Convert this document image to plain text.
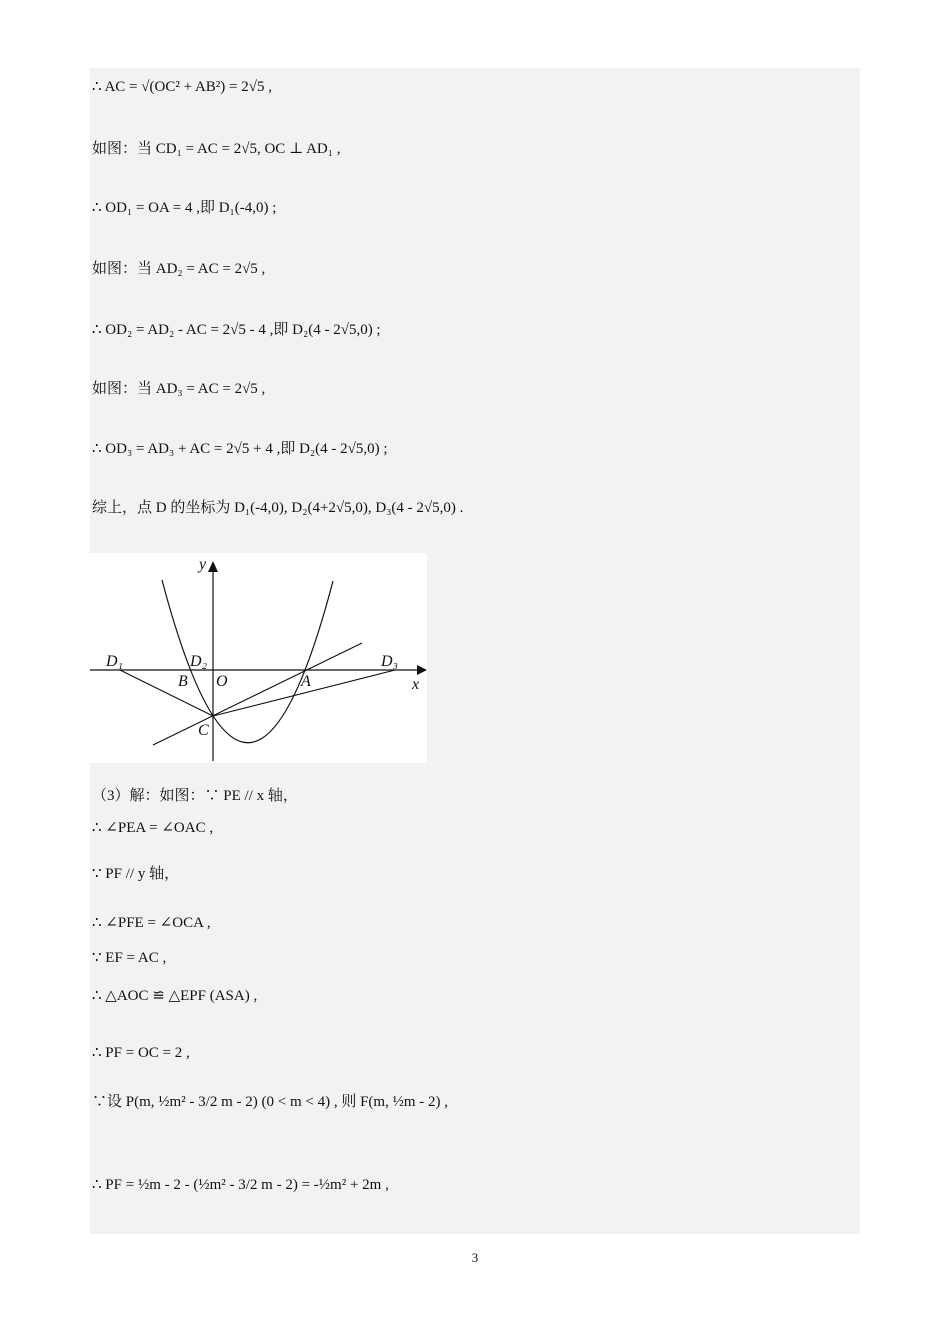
∴ AC = √(OC² + AB²) = 2√5 ,
如图：当 CD₁ = AC = 2√5, OC ⊥ AD₁ ,
∴ OD₁ = OA = 4 ,即 D₁(-4,0) ;
如图：当 AD₂ = AC = 2√5 ,
∴ OD₂ = AD₂ - AC = 2√5 - 4 ,即 D₂(4 - 2√5,0) ;
如图：当 AD₃ = AC = 2√5 ,
∴ OD₃ = AD₃ + AC = 2√5 + 4 ,即 D₂(4 - 2√5,0) ;
综上，点 D 的坐标为 D₁(-4,0), D₂(4+2√5,0), D₃(4 - 2√5,0) .
y
x
D₁	D₂	D₃
B O	A
C
（3）解：如图：∵ PE // x 轴，
∴ ∠PEA = ∠OAC ,
∵ PF // y 轴，
∴ ∠PFE = ∠OCA ,
∵ EF = AC ,
∴ △AOC ≌ △EPF (ASA) ,
∴ PF = OC = 2 ,
∵设 P(m, ½m² - 3/2 m - 2) (0 < m < 4) , 则 F(m, ½m - 2) ,
∴ PF = ½m - 2 - (½m² - 3/2 m - 2) = -½m² + 2m ,
3
